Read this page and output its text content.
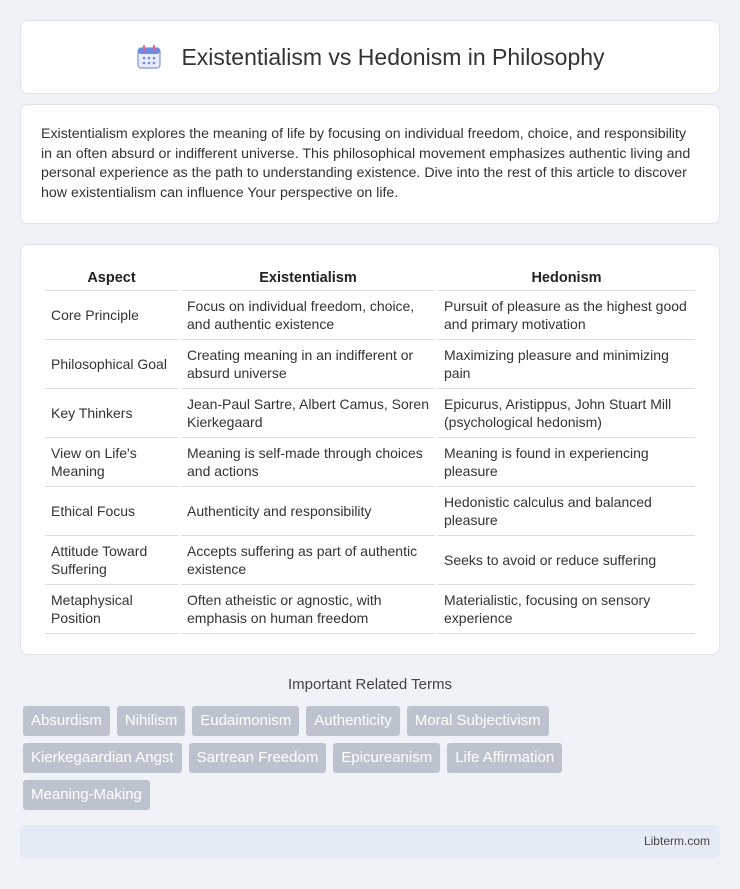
Existentialism vs Hedonism in Philosophy

Existentialism explores the meaning of life by focusing on individual freedom, choice, and responsibility in an often absurd or indifferent universe. This philosophical movement emphasizes authentic living and personal experience as the path to understanding existence. Dive into the rest of this article to discover how existentialism can influence Your perspective on life.

Aspect	Existentialism	Hedonism
Core Principle	Focus on individual freedom, choice, and authentic existence	Pursuit of pleasure as the highest good and primary motivation
Philosophical Goal	Creating meaning in an indifferent or absurd universe	Maximizing pleasure and minimizing pain
Key Thinkers	Jean-Paul Sartre, Albert Camus, Soren Kierkegaard	Epicurus, Aristippus, John Stuart Mill (psychological hedonism)
View on Life's Meaning	Meaning is self-made through choices and actions	Meaning is found in experiencing pleasure
Ethical Focus	Authenticity and responsibility	Hedonistic calculus and balanced pleasure
Attitude Toward Suffering	Accepts suffering as part of authentic existence	Seeks to avoid or reduce suffering
Metaphysical Position	Often atheistic or agnostic, with emphasis on human freedom	Materialistic, focusing on sensory experience
Important Related Terms
Absurdism	Nihilism	Eudaimonism	Authenticity	Moral Subjectivism
Kierkegaardian Angst	Sartrean Freedom	Epicureanism	Life Affirmation
Meaning-Making
Libterm.com
